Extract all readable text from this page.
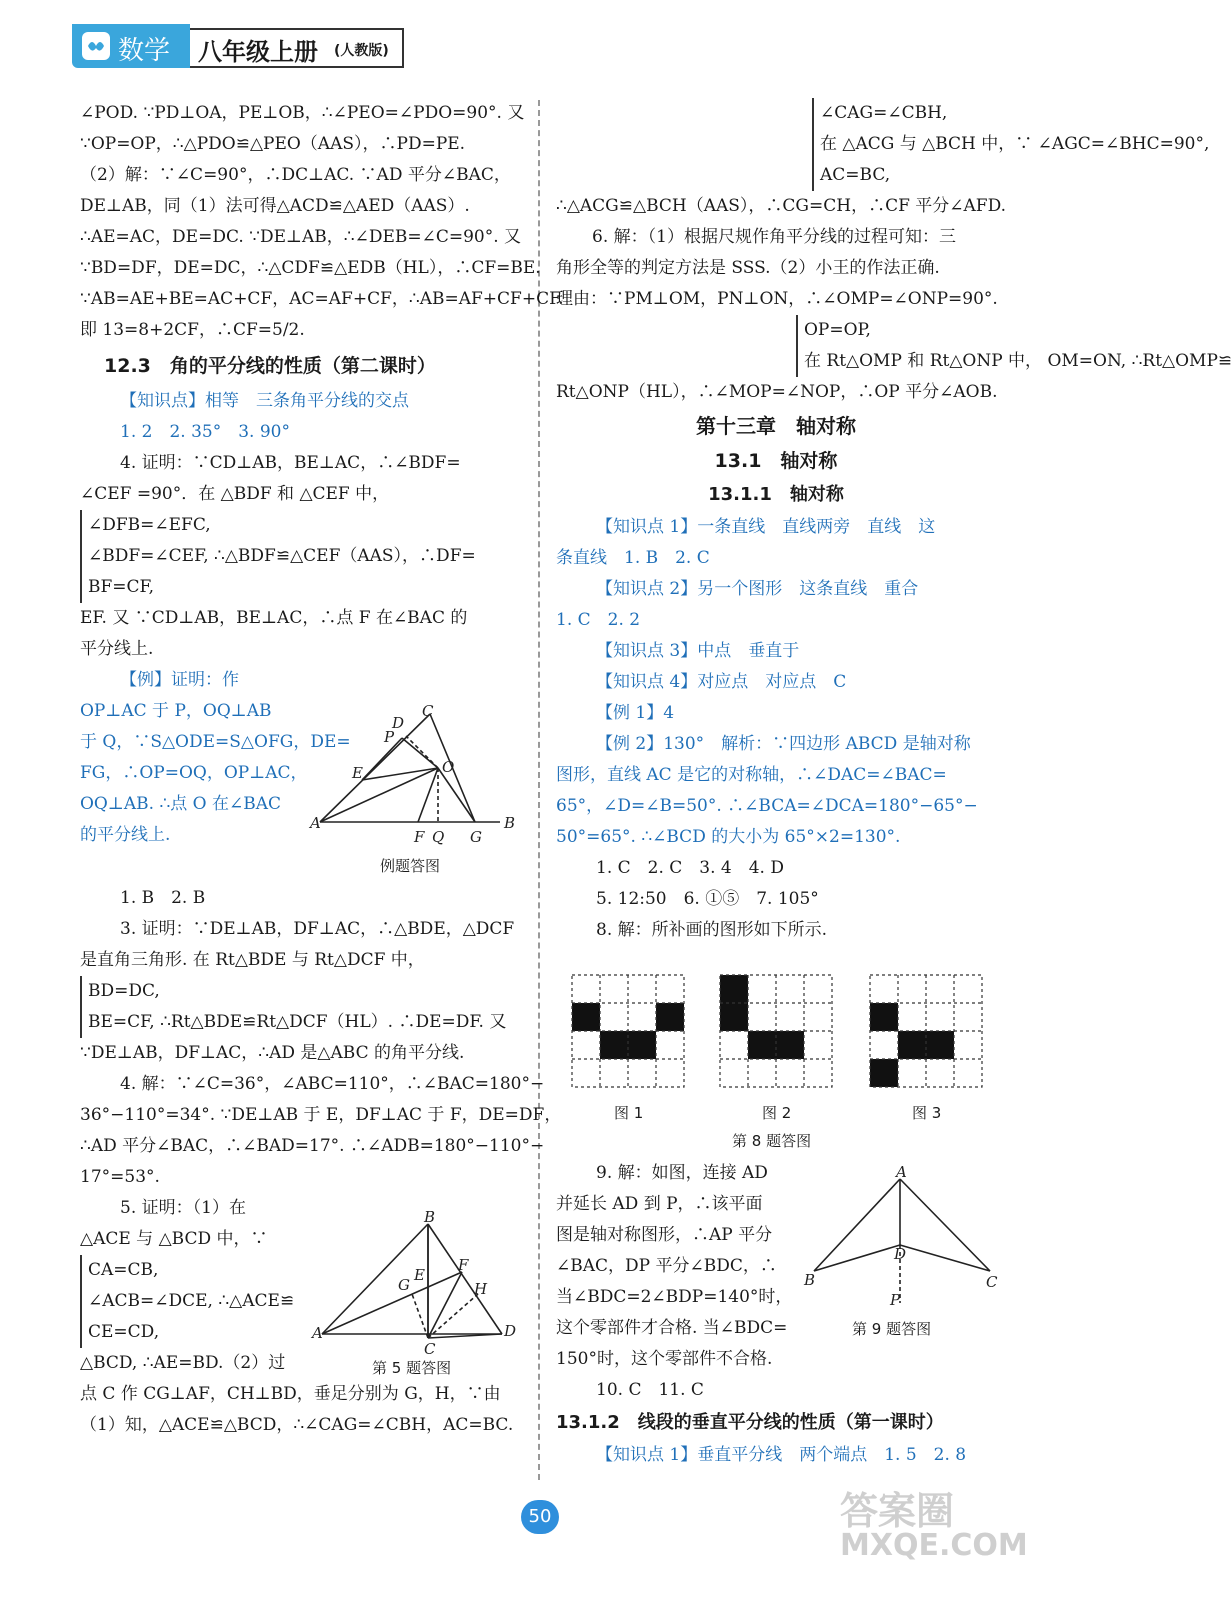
数学 八年级上册 (人教版)

∠POD. ∵PD⊥OA，PE⊥OB，∴∠PEO=∠PDO=90°. 又

∵OP=OP，∴△PDO≌△PEO（AAS），∴PD=PE.

（2）解：∵∠C=90°，∴DC⊥AC. ∵AD 平分∠BAC，

DE⊥AB，同（1）法可得△ACD≌△AED（AAS）.

∴AE=AC，DE=DC. ∵DE⊥AB，∴∠DEB=∠C=90°. 又

∵BD=DF，DE=DC，∴△CDF≌△EDB（HL），∴CF=BE.

∵AB=AE+BE=AC+CF，AC=AF+CF，∴AB=AF+CF+CF.

即 13=8+2CF，∴CF=5/2.

12.3　角的平分线的性质（第二课时）

【知识点】相等　三条角平分线的交点

1. 2　2. 35°　3. 90°

4. 证明：∵CD⊥AB，BE⊥AC，∴∠BDF=

∠CEF =90°．在 △BDF 和 △CEF 中，

∠DFB=∠EFC,
∠BDF=∠CEF, ∴△BDF≌△CEF（AAS），∴DF=
BF=CF,

EF. 又 ∵CD⊥AB，BE⊥AC，∴点 F 在∠BAC 的

平分线上.

【例】证明：作

OP⊥AC 于 P，OQ⊥AB

于 Q，∵S△ODE=S△OFG，DE=

FG，∴OP=OQ，OP⊥AC，

OQ⊥AB. ∴点 O 在∠BAC

的平分线上.

1. B　2. B

3. 证明：∵DE⊥AB，DF⊥AC，∴△BDE，△DCF

是直角三角形. 在 Rt△BDE 与 Rt△DCF 中，

BD=DC,
BE=CF, ∴Rt△BDE≌Rt△DCF（HL）. ∴DE=DF. 又

∵DE⊥AB，DF⊥AC，∴AD 是△ABC 的角平分线.

4. 解：∵∠C=36°，∠ABC=110°，∴∠BAC=180°−

36°−110°=34°. ∵DE⊥AB 于 E，DF⊥AC 于 F，DE=DF，

∴AD 平分∠BAC，∴∠BAD=17°. ∴∠ADB=180°−110°−

17°=53°.

5. 证明：（1）在

△ACE 与 △BCD 中，∵

CA=CB,
∠ACB=∠DCE, ∴△ACE≌
CE=CD,

△BCD, ∴AE=BD.（2）过

点 C 作 CG⊥AF，CH⊥BD，垂足分别为 G，H，∵由

（1）知，△ACE≌△BCD，∴∠CAG=∠CBH，AC=BC.

A	B
C
D
P
E	O
F Q G
例题答图
A
B
C
D
E
F
G	H
第 5 题答图

∠CAG=∠CBH,
在 △ACG 与 △BCH 中，∵ ∠AGC=∠BHC=90°,
AC=BC,

∴△ACG≌△BCH（AAS），∴CG=CH，∴CF 平分∠AFD.

6. 解：（1）根据尺规作角平分线的过程可知：三

角形全等的判定方法是 SSS.（2）小王的作法正确.

理由：∵PM⊥OM，PN⊥ON，∴∠OMP=∠ONP=90°.

OP=OP,
在 Rt△OMP 和 Rt△ONP 中， OM=ON, ∴Rt△OMP≌

Rt△ONP（HL），∴∠MOP=∠NOP，∴OP 平分∠AOB.

第十三章　轴对称

13.1　轴对称

13.1.1　轴对称

【知识点 1】一条直线　直线两旁　直线　这

条直线　1. B　2. C

【知识点 2】另一个图形　这条直线　重合

1. C　2. 2

【知识点 3】中点　垂直于

【知识点 4】对应点　对应点　C

【例 1】4

【例 2】130°　解析：∵四边形 ABCD 是轴对称

图形，直线 AC 是它的对称轴，∴∠DAC=∠BAC=

65°，∠D=∠B=50°. ∴∠BCA=∠DCA=180°−65°−

50°=65°. ∴∠BCD 的大小为 65°×2=130°.

1. C　2. C　3. 4　4. D

5. 12:50　6. ①⑤　7. 105°

8. 解：所补画的图形如下所示.

图 1	图 2	图 3
第 8 题答图

9. 解：如图，连接 AD

并延长 AD 到 P，∴该平面

图是轴对称图形，∴AP 平分

∠BAC，DP 平分∠BDC，∴

当∠BDC=2∠BDP=140°时，

这个零部件才合格. 当∠BDC=

150°时，这个零部件不合格.

10. C　11. C

13.1.2　线段的垂直平分线的性质（第一课时）

【知识点 1】垂直平分线　两个端点　1. 5　2. 8

A
B	C
D
P
第 9 题答图
50	答案圈
MXQE.COM
